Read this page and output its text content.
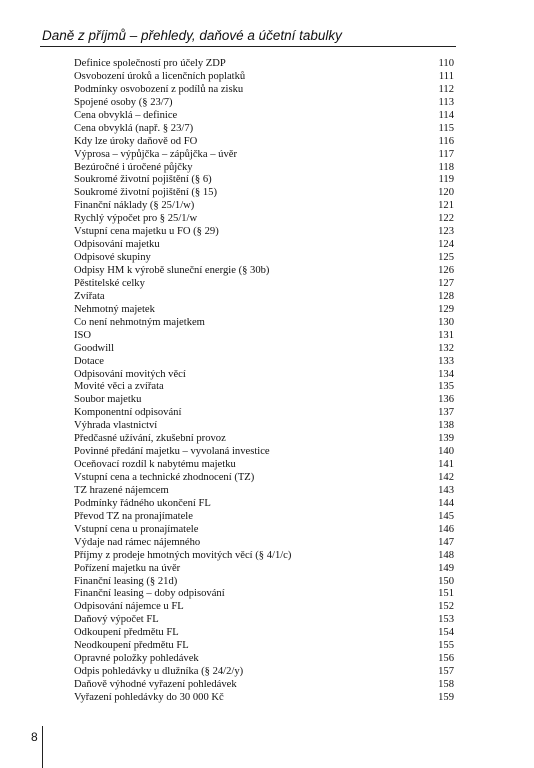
Daně z příjmů – přehledy, daňové a účetní tabulky
Definice společností pro účely ZDP	110
Osvobození úroků a licenčních poplatků	111
Podmínky osvobození z podílů na zisku	112
Spojené osoby (§ 23/7)	113
Cena obvyklá – definice	114
Cena obvyklá (např. § 23/7)	115
Kdy lze úroky daňově od FO	116
Výprosa – výpůjčka – zápůjčka – úvěr	117
Bezúročné i úročené půjčky	118
Soukromé životní pojištění (§ 6)	119
Soukromé životní pojištění (§ 15)	120
Finanční náklady (§ 25/1/w)	121
Rychlý výpočet pro § 25/1/w	122
Vstupní cena majetku u FO (§ 29)	123
Odpisování majetku	124
Odpisové skupiny	125
Odpisy HM k výrobě sluneční energie (§ 30b)	126
Pěstitelské celky	127
Zvířata	128
Nehmotný majetek	129
Co není nehmotným majetkem	130
ISO	131
Goodwill	132
Dotace	133
Odpisování movitých věcí	134
Movité věci a zvířata	135
Soubor majetku	136
Komponentní odpisování	137
Výhrada vlastnictví	138
Předčasné užívání, zkušební provoz	139
Povinné předání majetku – vyvolaná investice	140
Oceňovací rozdíl k nabytému majetku	141
Vstupní cena a technické zhodnocení (TZ)	142
TZ hrazené nájemcem	143
Podmínky řádného ukončení FL	144
Převod TZ na pronajímatele	145
Vstupní cena u pronajímatele	146
Výdaje nad rámec nájemného	147
Příjmy z prodeje hmotných movitých věcí (§ 4/1/c)	148
Pořízení majetku na úvěr	149
Finanční leasing (§ 21d)	150
Finanční leasing – doby odpisování	151
Odpisování nájemce u FL	152
Daňový výpočet FL	153
Odkoupení předmětu FL	154
Neodkoupení předmětu FL	155
Opravné položky pohledávek	156
Odpis pohledávky u dlužníka (§ 24/2/y)	157
Daňově výhodné vyřazení pohledávek	158
Vyřazení pohledávky do 30 000 Kč	159
8
